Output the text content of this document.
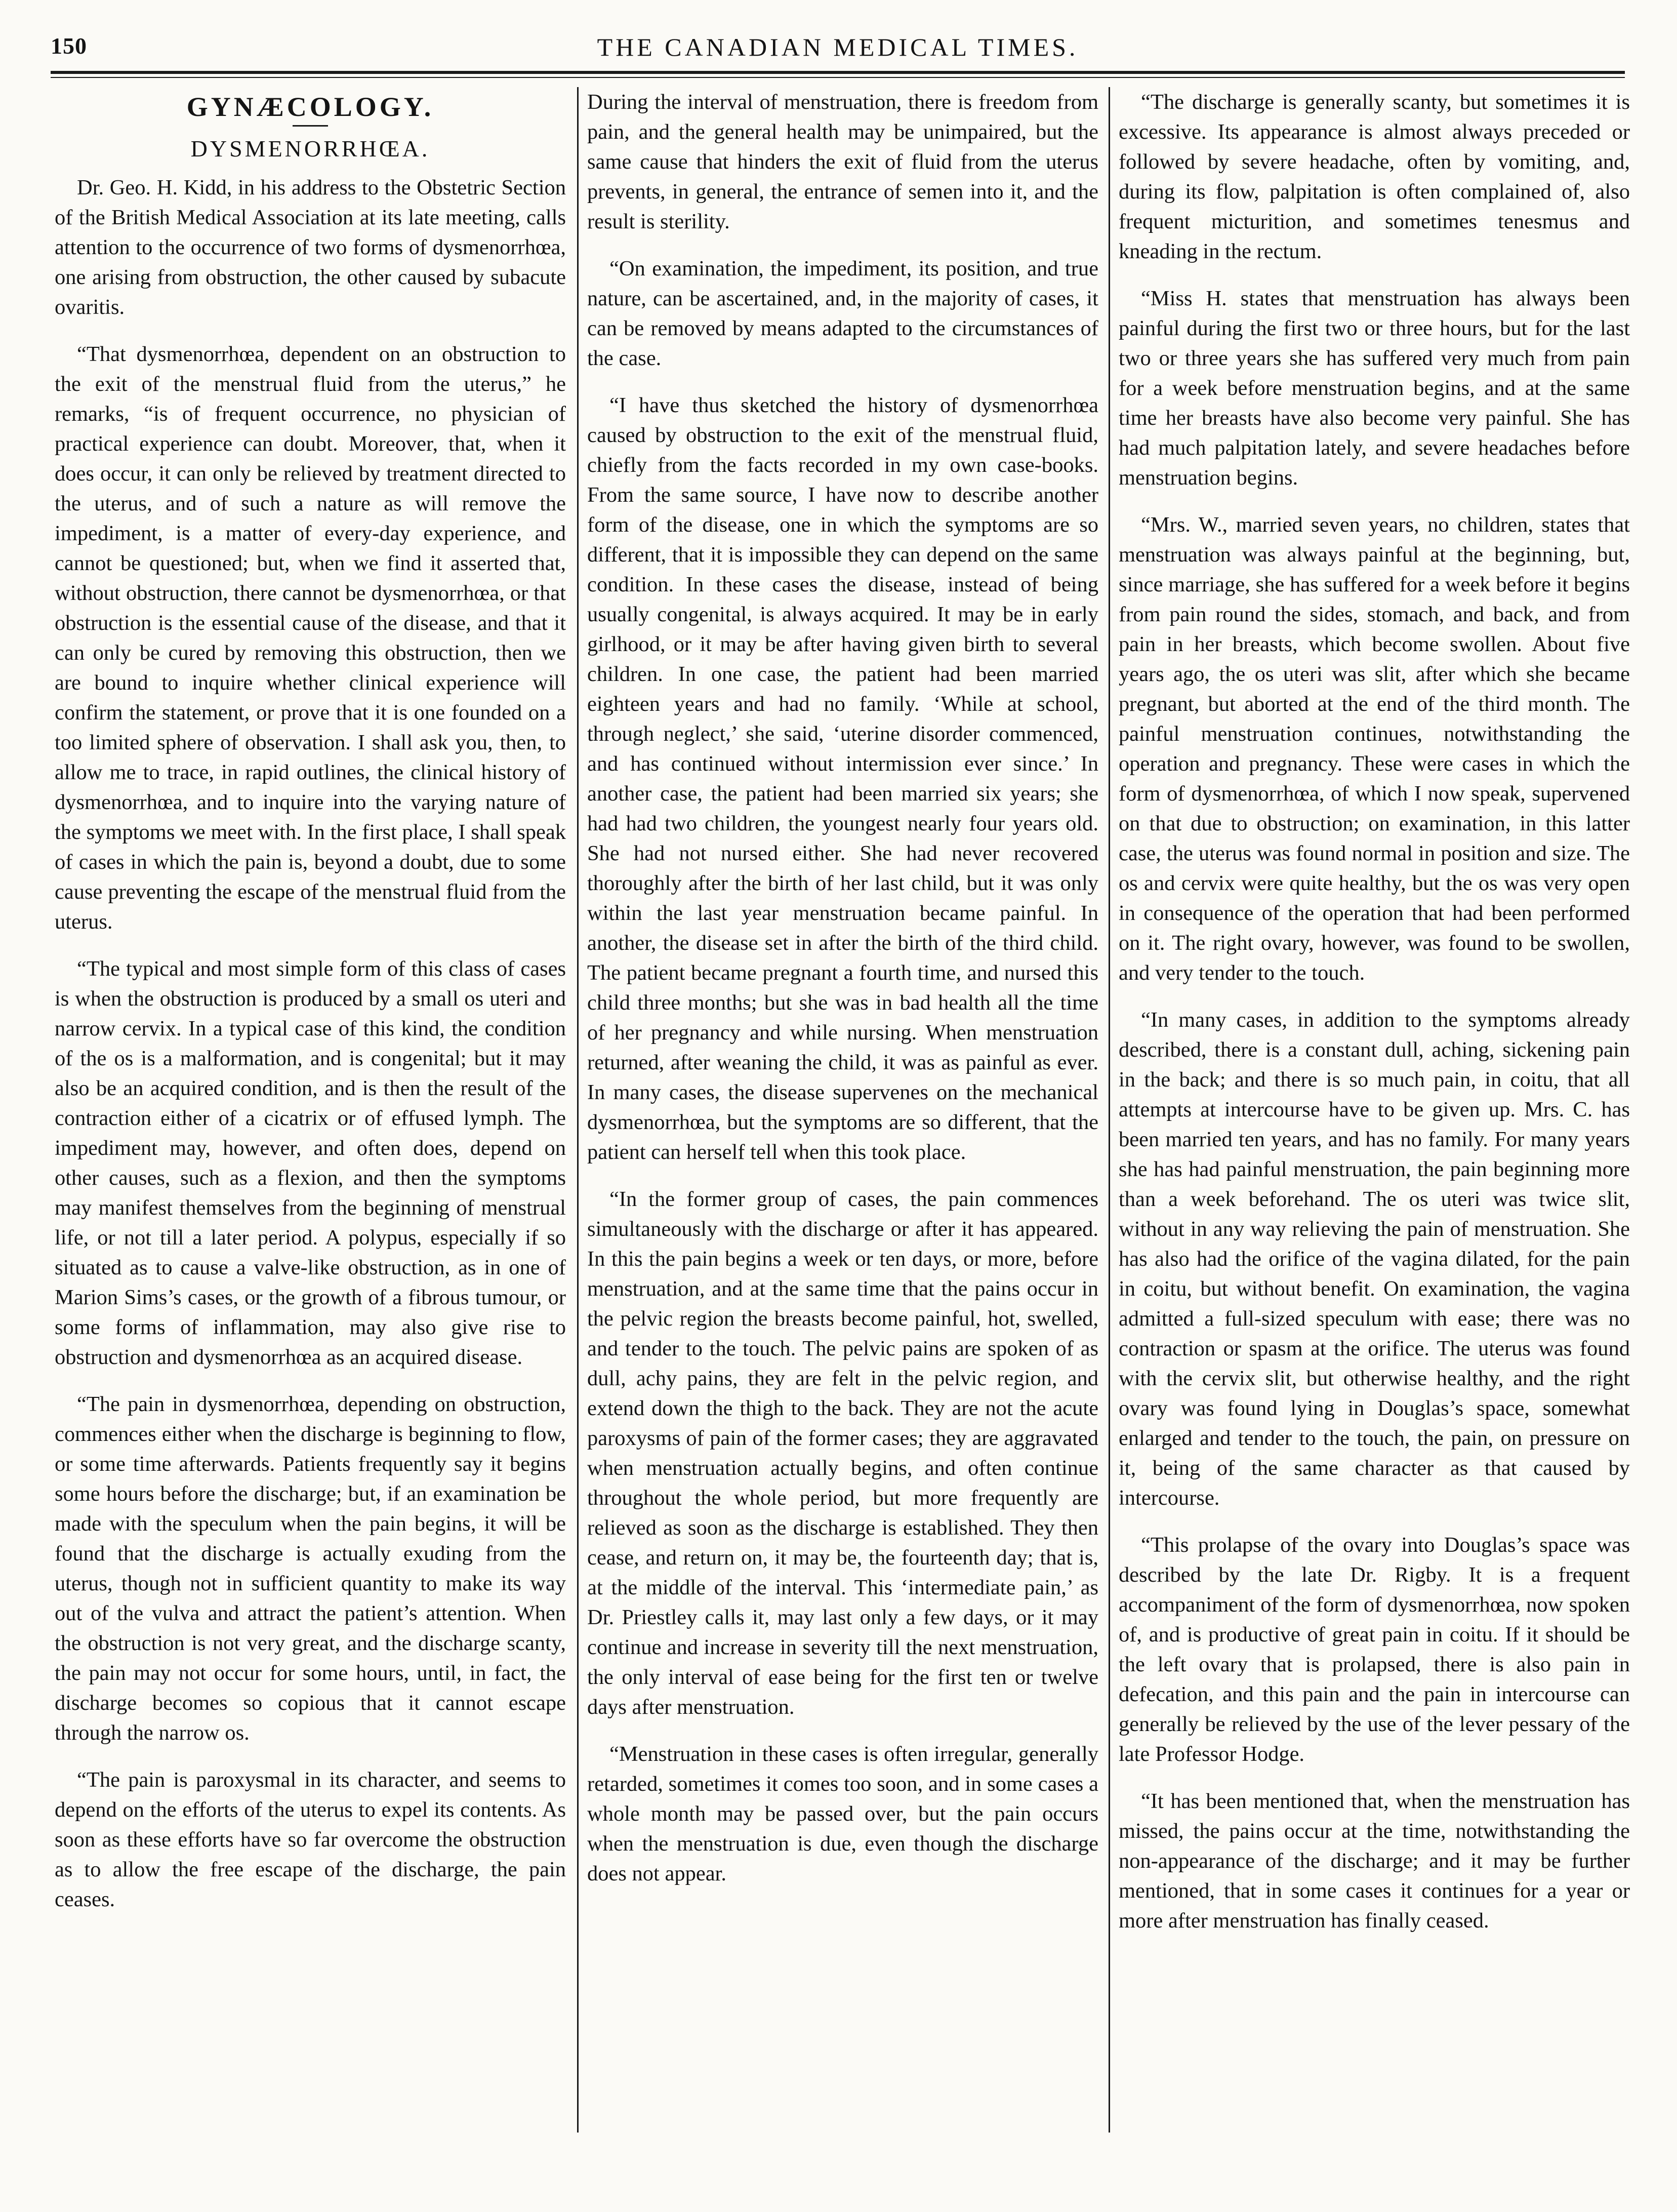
150	THE CANADIAN MEDICAL TIMES.
GYNÆCOLOGY.
DYSMENORRHŒA.

Dr. Geo. H. Kidd, in his address to the Obstetric Section of the British Medical Association at its late meeting, calls attention to the occurrence of two forms of dysmenorrhœa, one arising from obstruction, the other caused by subacute ovaritis.

“That dysmenorrhœa, dependent on an obstruction to the exit of the menstrual fluid from the uterus,” he remarks, “is of frequent occurrence, no physician of practical experience can doubt. Moreover, that, when it does occur, it can only be relieved by treatment directed to the uterus, and of such a nature as will remove the impediment, is a matter of every-day experience, and cannot be questioned; but, when we find it asserted that, without obstruction, there cannot be dysmenorrhœa, or that obstruction is the essential cause of the disease, and that it can only be cured by removing this obstruction, then we are bound to inquire whether clinical experience will confirm the statement, or prove that it is one founded on a too limited sphere of observation. I shall ask you, then, to allow me to trace, in rapid outlines, the clinical history of dysmenorrhœa, and to inquire into the varying nature of the symptoms we meet with. In the first place, I shall speak of cases in which the pain is, beyond a doubt, due to some cause preventing the escape of the menstrual fluid from the uterus.

“The typical and most simple form of this class of cases is when the obstruction is produced by a small os uteri and narrow cervix. In a typical case of this kind, the condition of the os is a malformation, and is congenital; but it may also be an acquired condition, and is then the result of the contraction either of a cicatrix or of effused lymph. The impediment may, however, and often does, depend on other causes, such as a flexion, and then the symptoms may manifest themselves from the beginning of menstrual life, or not till a later period. A polypus, especially if so situated as to cause a valve-like obstruction, as in one of Marion Sims’s cases, or the growth of a fibrous tumour, or some forms of inflammation, may also give rise to obstruction and dysmenorrhœa as an acquired disease.

“The pain in dysmenorrhœa, depending on obstruction, commences either when the discharge is beginning to flow, or some time afterwards. Patients frequently say it begins some hours before the discharge; but, if an examination be made with the speculum when the pain begins, it will be found that the discharge is actually exuding from the uterus, though not in sufficient quantity to make its way out of the vulva and attract the patient’s attention. When the obstruction is not very great, and the discharge scanty, the pain may not occur for some hours, until, in fact, the discharge becomes so copious that it cannot escape through the narrow os.

“The pain is paroxysmal in its character, and seems to depend on the efforts of the uterus to expel its contents. As soon as these efforts have so far overcome the obstruction as to allow the free escape of the discharge, the pain ceases.

During the interval of menstruation, there is freedom from pain, and the general health may be unimpaired, but the same cause that hinders the exit of fluid from the uterus prevents, in general, the entrance of semen into it, and the result is sterility.

“On examination, the impediment, its position, and true nature, can be ascertained, and, in the majority of cases, it can be removed by means adapted to the circumstances of the case.

“I have thus sketched the history of dysmenorrhœa caused by obstruction to the exit of the menstrual fluid, chiefly from the facts recorded in my own case-books. From the same source, I have now to describe another form of the disease, one in which the symptoms are so different, that it is impossible they can depend on the same condition. In these cases the disease, instead of being usually congenital, is always acquired. It may be in early girlhood, or it may be after having given birth to several children. In one case, the patient had been married eighteen years and had no family. ‘While at school, through neglect,’ she said, ‘uterine disorder commenced, and has continued without intermission ever since.’ In another case, the patient had been married six years; she had had two children, the youngest nearly four years old. She had not nursed either. She had never recovered thoroughly after the birth of her last child, but it was only within the last year menstruation became painful. In another, the disease set in after the birth of the third child. The patient became pregnant a fourth time, and nursed this child three months; but she was in bad health all the time of her pregnancy and while nursing. When menstruation returned, after weaning the child, it was as painful as ever. In many cases, the disease supervenes on the mechanical dysmenorrhœa, but the symptoms are so different, that the patient can herself tell when this took place.

“In the former group of cases, the pain commences simultaneously with the discharge or after it has appeared. In this the pain begins a week or ten days, or more, before menstruation, and at the same time that the pains occur in the pelvic region the breasts become painful, hot, swelled, and tender to the touch. The pelvic pains are spoken of as dull, achy pains, they are felt in the pelvic region, and extend down the thigh to the back. They are not the acute paroxysms of pain of the former cases; they are aggravated when menstruation actually begins, and often continue throughout the whole period, but more frequently are relieved as soon as the discharge is established. They then cease, and return on, it may be, the fourteenth day; that is, at the middle of the interval. This ‘intermediate pain,’ as Dr. Priestley calls it, may last only a few days, or it may continue and increase in severity till the next menstruation, the only interval of ease being for the first ten or twelve days after menstruation.

“Menstruation in these cases is often irregular, generally retarded, sometimes it comes too soon, and in some cases a whole month may be passed over, but the pain occurs when the menstruation is due, even though the discharge does not appear.

“The discharge is generally scanty, but sometimes it is excessive. Its appearance is almost always preceded or followed by severe headache, often by vomiting, and, during its flow, palpitation is often complained of, also frequent micturition, and sometimes tenesmus and kneading in the rectum.

“Miss H. states that menstruation has always been painful during the first two or three hours, but for the last two or three years she has suffered very much from pain for a week before menstruation begins, and at the same time her breasts have also become very painful. She has had much palpitation lately, and severe headaches before menstruation begins.

“Mrs. W., married seven years, no children, states that menstruation was always painful at the beginning, but, since marriage, she has suffered for a week before it begins from pain round the sides, stomach, and back, and from pain in her breasts, which become swollen. About five years ago, the os uteri was slit, after which she became pregnant, but aborted at the end of the third month. The painful menstruation continues, notwithstanding the operation and pregnancy. These were cases in which the form of dysmenorrhœa, of which I now speak, supervened on that due to obstruction; on examination, in this latter case, the uterus was found normal in position and size. The os and cervix were quite healthy, but the os was very open in consequence of the operation that had been performed on it. The right ovary, however, was found to be swollen, and very tender to the touch.

“In many cases, in addition to the symptoms already described, there is a constant dull, aching, sickening pain in the back; and there is so much pain, in coitu, that all attempts at intercourse have to be given up. Mrs. C. has been married ten years, and has no family. For many years she has had painful menstruation, the pain beginning more than a week beforehand. The os uteri was twice slit, without in any way relieving the pain of menstruation. She has also had the orifice of the vagina dilated, for the pain in coitu, but without benefit. On examination, the vagina admitted a full-sized speculum with ease; there was no contraction or spasm at the orifice. The uterus was found with the cervix slit, but otherwise healthy, and the right ovary was found lying in Douglas’s space, somewhat enlarged and tender to the touch, the pain, on pressure on it, being of the same character as that caused by intercourse.

“This prolapse of the ovary into Douglas’s space was described by the late Dr. Rigby. It is a frequent accompaniment of the form of dysmenorrhœa, now spoken of, and is productive of great pain in coitu. If it should be the left ovary that is prolapsed, there is also pain in defecation, and this pain and the pain in intercourse can generally be relieved by the use of the lever pessary of the late Professor Hodge.

“It has been mentioned that, when the menstruation has missed, the pains occur at the time, notwithstanding the non-appearance of the discharge; and it may be further mentioned, that in some cases it continues for a year or more after menstruation has finally ceased.
